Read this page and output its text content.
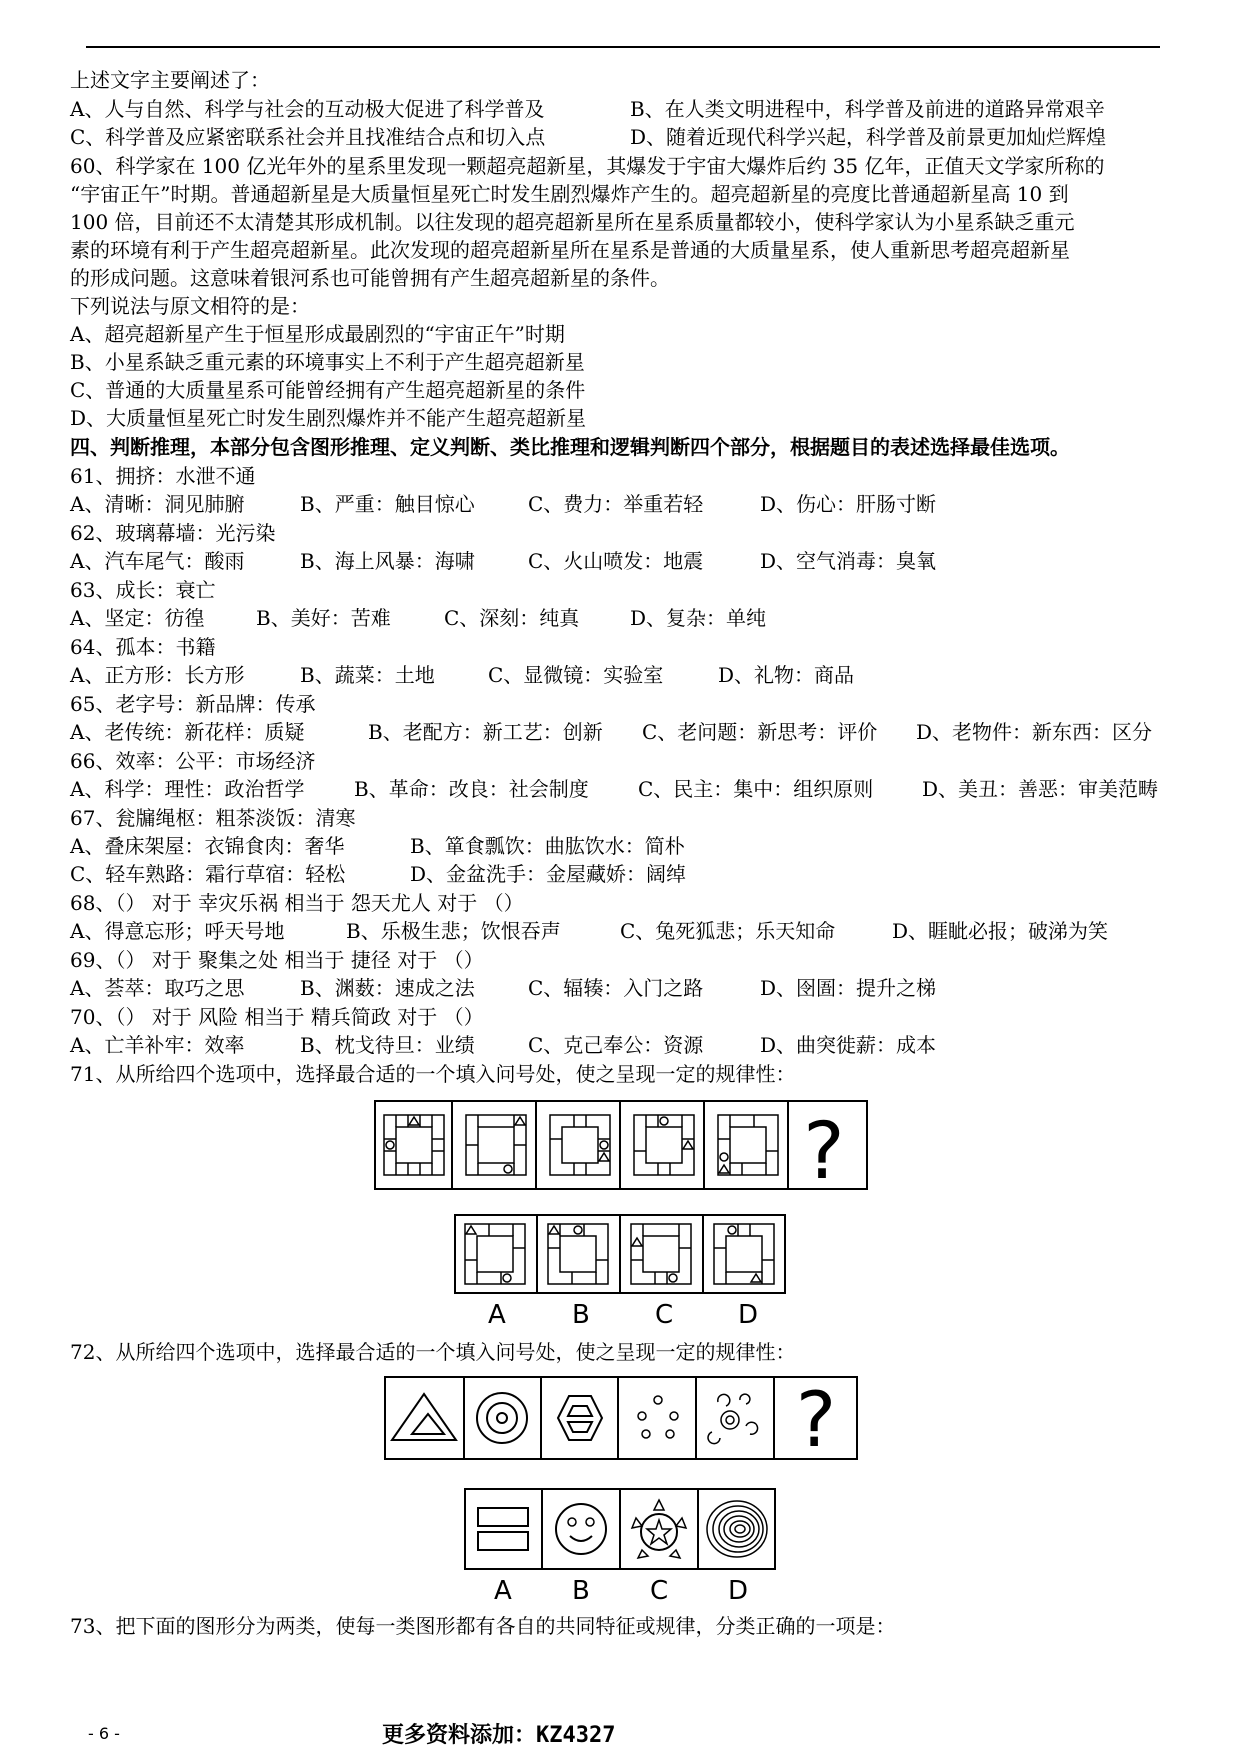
上述文字主要阐述了：
A、人与自然、科学与社会的互动极大促进了科学普及	B、在人类文明进程中，科学普及前进的道路异常艰辛
C、科学普及应紧密联系社会并且找准结合点和切入点	D、随着近现代科学兴起，科学普及前景更加灿烂辉煌
60、科学家在 100 亿光年外的星系里发现一颗超亮超新星，其爆发于宇宙大爆炸后约 35 亿年，正值天文学家所称的
“宇宙正午”时期。普通超新星是大质量恒星死亡时发生剧烈爆炸产生的。超亮超新星的亮度比普通超新星高 10 到
100 倍，目前还不太清楚其形成机制。以往发现的超亮超新星所在星系质量都较小，使科学家认为小星系缺乏重元
素的环境有利于产生超亮超新星。此次发现的超亮超新星所在星系是普通的大质量星系，使人重新思考超亮超新星
的形成问题。这意味着银河系也可能曾拥有产生超亮超新星的条件。
下列说法与原文相符的是：
A、超亮超新星产生于恒星形成最剧烈的“宇宙正午”时期
B、小星系缺乏重元素的环境事实上不利于产生超亮超新星
C、普通的大质量星系可能曾经拥有产生超亮超新星的条件
D、大质量恒星死亡时发生剧烈爆炸并不能产生超亮超新星
四、判断推理，本部分包含图形推理、定义判断、类比推理和逻辑判断四个部分，根据题目的表述选择最佳选项。
61、拥挤：水泄不通
A、清晰：洞见肺腑	B、严重：触目惊心	C、费力：举重若轻	D、伤心：肝肠寸断
62、玻璃幕墙：光污染
A、汽车尾气：酸雨	B、海上风暴：海啸	C、火山喷发：地震	D、空气消毒：臭氧
63、成长：衰亡
A、坚定：彷徨	B、美好：苦难	C、深刻：纯真	D、复杂：单纯
64、孤本：书籍
A、正方形：长方形	B、蔬菜：土地	C、显微镜：实验室	D、礼物：商品
65、老字号：新品牌：传承
A、老传统：新花样：质疑	B、老配方：新工艺：创新 C、老问题：新思考：评价 D、老物件：新东西：区分
66、效率：公平：市场经济
A、科学：理性：政治哲学 B、革命：改良：社会制度 C、民主：集中：组织原则 D、美丑：善恶：审美范畴
67、瓮牖绳枢：粗茶淡饭：清寒
A、叠床架屋：衣锦食肉：奢华	B、箪食瓢饮：曲肱饮水：简朴
C、轻车熟路：霜行草宿：轻松	D、金盆洗手：金屋藏娇：阔绰
68、（） 对于 幸灾乐祸 相当于 怨天尤人 对于 （）
A、得意忘形；呼天号地	B、乐极生悲；饮恨吞声	C、兔死狐悲；乐天知命	D、睚眦必报；破涕为笑
69、（） 对于 聚集之处 相当于 捷径 对于 （）
A、荟萃：取巧之思	B、渊薮：速成之法	C、辐辏：入门之路	D、囹圄：提升之梯
70、（） 对于 风险 相当于 精兵简政 对于 （）
A、亡羊补牢：效率	B、枕戈待旦：业绩	C、克己奉公：资源	D、曲突徙薪：成本
71、从所给四个选项中，选择最合适的一个填入问号处，使之呈现一定的规律性：
?
A	B	C D
72、从所给四个选项中，选择最合适的一个填入问号处，使之呈现一定的规律性：
?
A B C D
73、把下面的图形分为两类，使每一类图形都有各自的共同特征或规律，分类正确的一项是：
- 6 -	更多资料添加：KZ4327
